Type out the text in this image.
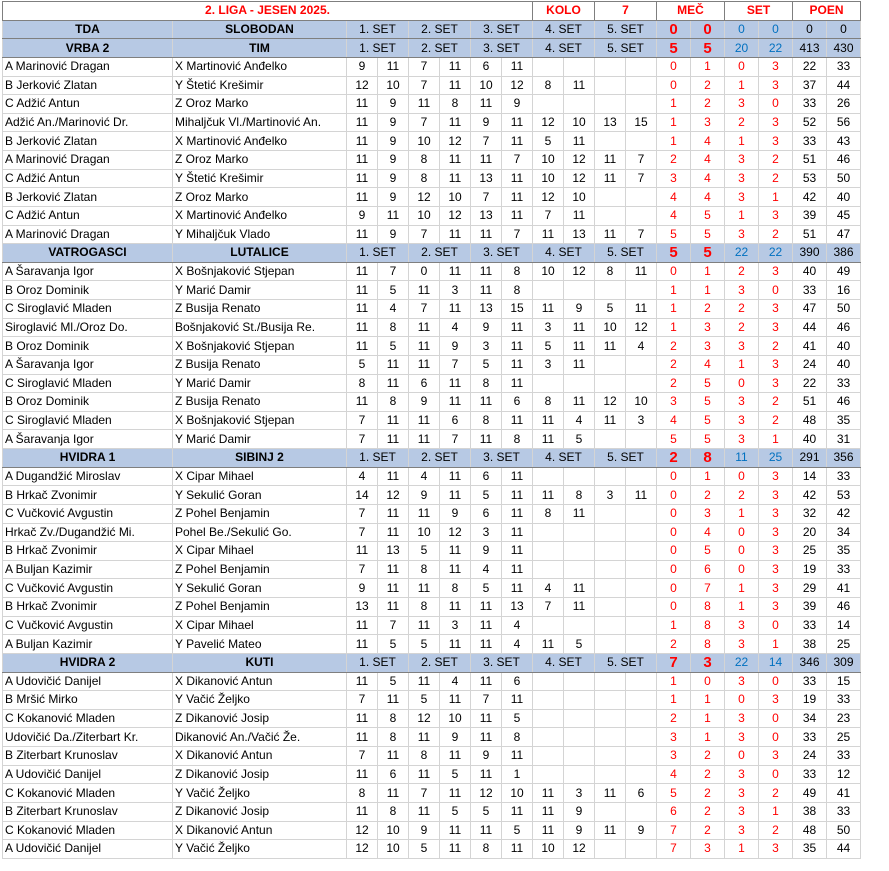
2. LIGA - JESEN 2025.								KOLO		7		MEČ		SET		POEN	
TDA	SLOBODAN	1. SET		2. SET		3. SET		4. SET		5. SET		0	0	0	0	0	0
VRBA 2	TIM	1. SET		2. SET		3. SET		4. SET		5. SET		5	5	20	22	413	430
A Marinović Dragan	X Martinović Anđelko	9	11	7	11	6	11					0	1	0	3	22	33
B Jerković Zlatan	Y Štetić Krešimir	12	10	7	11	10	12	8	11			0	2	1	3	37	44
C Adžić Antun	Z Oroz Marko	11	9	11	8	11	9					1	2	3	0	33	26
Adžić An./Marinović Dr.	Mihaljčuk Vl./Martinović An.	11	9	7	11	9	11	12	10	13	15	1	3	2	3	52	56
B Jerković Zlatan	X Martinović Anđelko	11	9	10	12	7	11	5	11			1	4	1	3	33	43
A Marinović Dragan	Z Oroz Marko	11	9	8	11	11	7	10	12	11	7	2	4	3	2	51	46
C Adžić Antun	Y Štetić Krešimir	11	9	8	11	13	11	10	12	11	7	3	4	3	2	53	50
B Jerković Zlatan	Z Oroz Marko	11	9	12	10	7	11	12	10			4	4	3	1	42	40
C Adžić Antun	X Martinović Anđelko	9	11	10	12	13	11	7	11			4	5	1	3	39	45
A Marinović Dragan	Y Mihaljčuk Vlado	11	9	7	11	11	7	11	13	11	7	5	5	3	2	51	47
VATROGASCI	LUTALICE	1. SET		2. SET		3. SET		4. SET		5. SET		5	5	22	22	390	386
A Šaravanja Igor	X Bošnjaković Stjepan	11	7	0	11	11	8	10	12	8	11	0	1	2	3	40	49
B Oroz Dominik	Y Marić Damir	11	5	11	3	11	8					1	1	3	0	33	16
C Siroglavić Mladen	Z Busija Renato	11	4	7	11	13	15	11	9	5	11	1	2	2	3	47	50
Siroglavić Ml./Oroz Do.	Bošnjaković St./Busija Re.	11	8	11	4	9	11	3	11	10	12	1	3	2	3	44	46
B Oroz Dominik	X Bošnjaković Stjepan	11	5	11	9	3	11	5	11	11	4	2	3	3	2	41	40
A Šaravanja Igor	Z Busija Renato	5	11	11	7	5	11	3	11			2	4	1	3	24	40
C Siroglavić Mladen	Y Marić Damir	8	11	6	11	8	11					2	5	0	3	22	33
B Oroz Dominik	Z Busija Renato	11	8	9	11	11	6	8	11	12	10	3	5	3	2	51	46
C Siroglavić Mladen	X Bošnjaković Stjepan	7	11	11	6	8	11	11	4	11	3	4	5	3	2	48	35
A Šaravanja Igor	Y Marić Damir	7	11	11	7	11	8	11	5			5	5	3	1	40	31
HVIDRA 1	SIBINJ 2	1. SET		2. SET		3. SET		4. SET		5. SET		2	8	11	25	291	356
A Dugandžić Miroslav	X Cipar Mihael	4	11	4	11	6	11					0	1	0	3	14	33
B Hrkač Zvonimir	Y Sekulić Goran	14	12	9	11	5	11	11	8	3	11	0	2	2	3	42	53
C Vučković Avgustin	Z Pohel Benjamin	7	11	11	9	6	11	8	11			0	3	1	3	32	42
Hrkač Zv./Dugandžić Mi.	Pohel Be./Sekulić Go.	7	11	10	12	3	11					0	4	0	3	20	34
B Hrkač Zvonimir	X Cipar Mihael	11	13	5	11	9	11					0	5	0	3	25	35
A Buljan Kazimir	Z Pohel Benjamin	7	11	8	11	4	11					0	6	0	3	19	33
C Vučković Avgustin	Y Sekulić Goran	9	11	11	8	5	11	4	11			0	7	1	3	29	41
B Hrkač Zvonimir	Z Pohel Benjamin	13	11	8	11	11	13	7	11			0	8	1	3	39	46
C Vučković Avgustin	X Cipar Mihael	11	7	11	3	11	4					1	8	3	0	33	14
A Buljan Kazimir	Y Pavelić Mateo	11	5	5	11	11	4	11	5			2	8	3	1	38	25
HVIDRA 2	KUTI	1. SET		2. SET		3. SET		4. SET		5. SET		7	3	22	14	346	309
A Udovičić Danijel	X Dikanović Antun	11	5	11	4	11	6					1	0	3	0	33	15
B Mršić Mirko	Y Vačić Željko	7	11	5	11	7	11					1	1	0	3	19	33
C Kokanović Mladen	Z Dikanović Josip	11	8	12	10	11	5					2	1	3	0	34	23
Udovičić Da./Ziterbart Kr.	Dikanović An./Vačić Že.	11	8	11	9	11	8					3	1	3	0	33	25
B Ziterbart Krunoslav	X Dikanović Antun	7	11	8	11	9	11					3	2	0	3	24	33
A Udovičić Danijel	Z Dikanović Josip	11	6	11	5	11	1					4	2	3	0	33	12
C Kokanović Mladen	Y Vačić Željko	8	11	7	11	12	10	11	3	11	6	5	2	3	2	49	41
B Ziterbart Krunoslav	Z Dikanović Josip	11	8	11	5	5	11	11	9			6	2	3	1	38	33
C Kokanović Mladen	X Dikanović Antun	12	10	9	11	11	5	11	9	11	9	7	2	3	2	48	50
A Udovičić Danijel	Y Vačić Željko	12	10	5	11	8	11	10	12			7	3	1	3	35	44
